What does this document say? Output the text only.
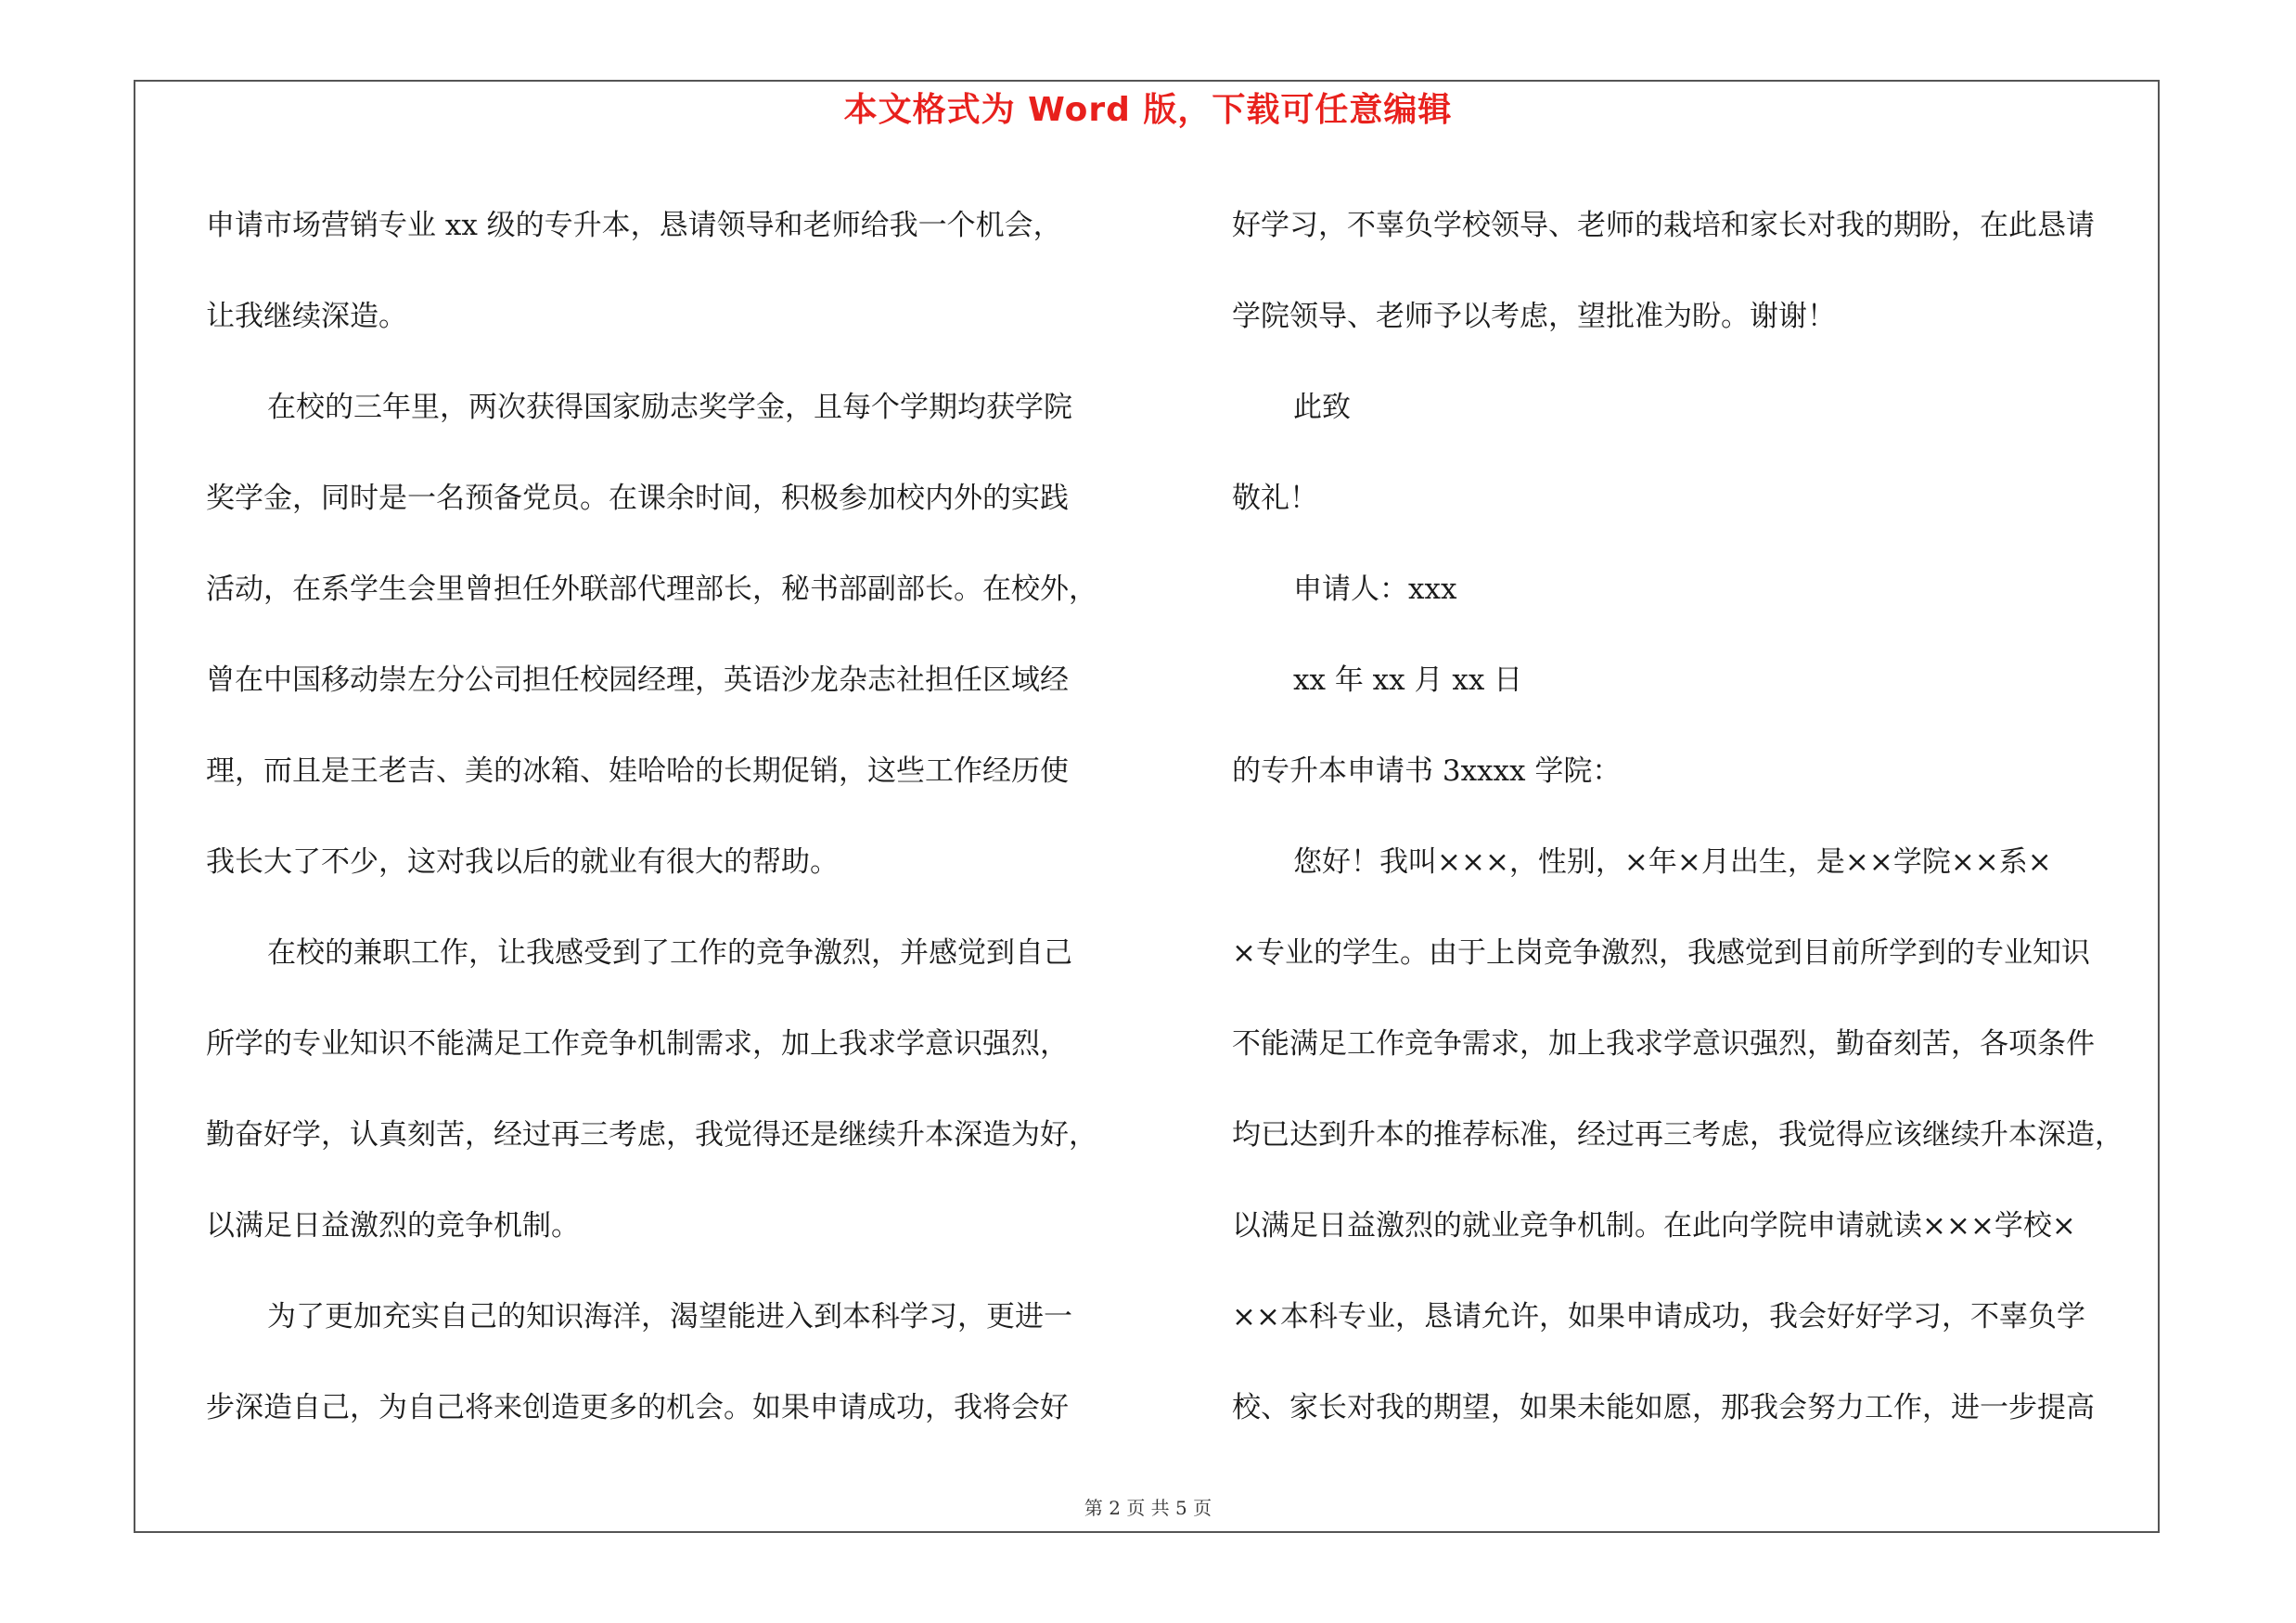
本文格式为 Word 版，下载可任意编辑
申请市场营销专业 xx 级的专升本，恳请领导和老师给我一个机会，
让我继续深造。
在校的三年里，两次获得国家励志奖学金，且每个学期均获学院
奖学金，同时是一名预备党员。在课余时间，积极参加校内外的实践
活动，在系学生会里曾担任外联部代理部长，秘书部副部长。在校外，
曾在中国移动崇左分公司担任校园经理，英语沙龙杂志社担任区域经
理，而且是王老吉、美的冰箱、娃哈哈的长期促销，这些工作经历使
我长大了不少，这对我以后的就业有很大的帮助。
在校的兼职工作，让我感受到了工作的竞争激烈，并感觉到自己
所学的专业知识不能满足工作竞争机制需求，加上我求学意识强烈，
勤奋好学，认真刻苦，经过再三考虑，我觉得还是继续升本深造为好，
以满足日益激烈的竞争机制。
为了更加充实自己的知识海洋，渴望能进入到本科学习，更进一
步深造自己，为自己将来创造更多的机会。如果申请成功，我将会好
好学习，不辜负学校领导、老师的栽培和家长对我的期盼，在此恳请
学院领导、老师予以考虑，望批准为盼。谢谢！
此致
敬礼！
申请人：xxx
xx 年 xx 月 xx 日
的专升本申请书 3xxxx 学院：
您好！我叫×××，性别，×年×月出生，是××学院××系×
×专业的学生。由于上岗竞争激烈，我感觉到目前所学到的专业知识
不能满足工作竞争需求，加上我求学意识强烈，勤奋刻苦，各项条件
均已达到升本的推荐标准，经过再三考虑，我觉得应该继续升本深造，
以满足日益激烈的就业竞争机制。在此向学院申请就读×××学校×
××本科专业，恳请允许，如果申请成功，我会好好学习，不辜负学
校、家长对我的期望，如果未能如愿，那我会努力工作，进一步提高
第 2 页 共 5 页
